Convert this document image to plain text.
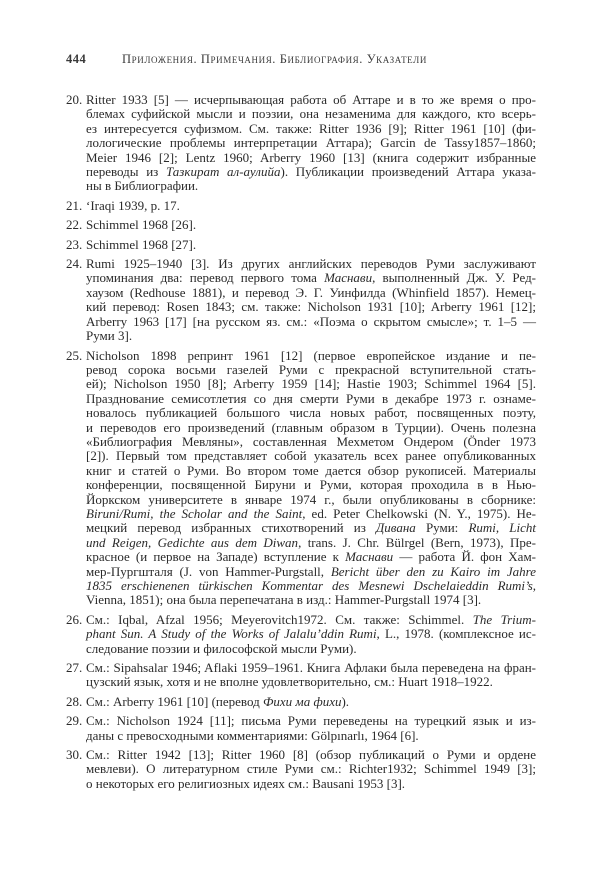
444	Приложения. Примечания. Библиография. Указатели
20. Ritter 1933 [5] — исчерпывающая работа об Аттаре и в то же время о про-
блемах суфийской мысли и поэзии, она незаменима для каждого, кто всерь-
ез интересуется суфизмом. См. также: Ritter 1936 [9]; Ritter 1961 [10] (фи-
лологические проблемы интерпретации Аттара); Garcin de Tassy1857–1860;
Meier 1946 [2]; Lentz 1960; Arberry 1960 [13] (книга содержит избранные
переводы из Тазкират ал-аулийа). Публикации произведений Аттара указа-
ны в Библиографии.
21. ʻIraqi 1939, p. 17.
22. Schimmel 1968 [26].
23. Schimmel 1968 [27].
24. Rumi 1925–1940 [3]. Из других английских переводов Руми заслуживают
упоминания два: перевод первого тома Маснави, выполненный Дж. У. Ред-
хаузом (Redhouse 1881), и перевод Э. Г. Уинфилда (Whinfield 1857). Немец-
кий перевод: Rosen 1843; см. также: Nicholson 1931 [10]; Arberry 1961 [12];
Arberry 1963 [17] [на русском яз. см.: «Поэма о скрытом смысле»; т. 1–5 —
Руми 3].
25. Nicholson 1898 репринт 1961 [12] (первое европейское издание и пе-
ревод сорока восьми газелей Руми с прекрасной вступительной стать-
ей); Nicholson 1950 [8]; Arberry 1959 [14]; Hastie 1903; Schimmel 1964 [5].
Празднование семисотлетия со дня смерти Руми в декабре 1973 г. ознаме-
новалось публикацией большого числа новых работ, посвященных поэту,
и переводов его произведений (главным образом в Турции). Очень полезна
«Библиография Мевляны», составленная Мехметом Ондером (Önder 1973
[2]). Первый том представляет собой указатель всех ранее опубликованных
книг и статей о Руми. Во втором томе дается обзор рукописей. Материалы
конференции, посвященной Бируни и Руми, которая проходила в в Нью-
Йоркском университете в январе 1974 г., были опубликованы в сборнике:
Biruni/Rumi, the Scholar and the Saint, ed. Peter Chelkowski (N. Y., 1975). Не-
мецкий перевод избранных стихотворений из Дивана Руми: Rumi, Licht
und Reigen, Gedichte aus dem Diwan, trans. J. Chr. Bülrgel (Bern, 1973), Пре-
красное (и первое на Западе) вступление к Маснави — работа Й. фон Хам-
мер-Пургшталя (J. von Hammer-Purgstall, Bericht über den zu Kairo im Jahre
1835 erschienenen türkischen Kommentar des Mesnewi Dschelaieddin Rumi’s,
Vienna, 1851); она была перепечатана в изд.: Hammer-Purgstall 1974 [3].
26. См.: Iqbal, Afzal 1956; Meyerovitch1972. См. также: Schimmel. The Trium-
phant Sun. A Study of the Works of Jalalu’ddin Rumi, L., 1978. (комплексное ис-
следование поэзии и философской мысли Руми).
27. См.: Sipahsalar 1946; Aflaki 1959–1961. Книга Афлаки была переведена на фран-
цузский язык, хотя и не вполне удовлетворительно, см.: Huart 1918–1922.
28. См.: Arberry 1961 [10] (перевод Фихи ма фихи).
29. См.: Nicholson 1924 [11]; письма Руми переведены на турецкий язык и из-
даны с превосходными комментариями: Gölpınarlı, 1964 [6].
30. См.: Ritter 1942 [13]; Ritter 1960 [8] (обзор публикаций о Руми и ордене
мевлеви). О литературном стиле Руми см.: Richter1932; Schimmel 1949 [3];
о некоторых его религиозных идеях см.: Bausani 1953 [3].
